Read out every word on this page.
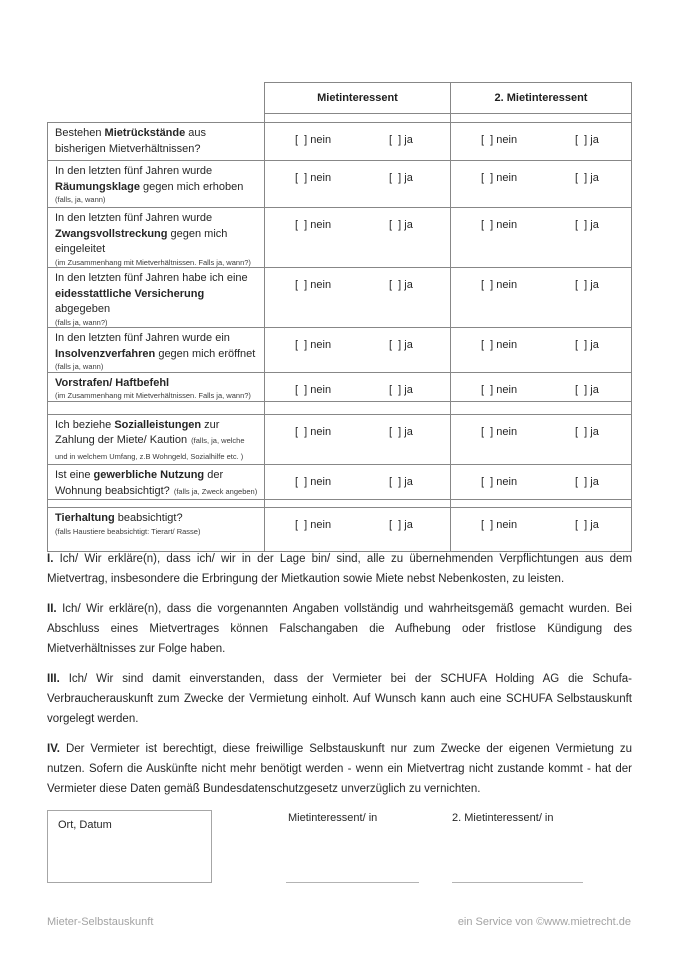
	Mietinteressent	2. Mietinteressent

Bestehen Mietrückstände aus bisherigen Mietverhältnissen?	[  ] nein [  ] ja	[  ] nein [  ] ja

In den letzten fünf Jahren wurde Räumungsklage gegen mich erhoben
(falls, ja, wann)	[  ] nein [  ] ja	[  ] nein [  ] ja

In den letzten fünf Jahren wurde Zwangsvollstreckung gegen mich eingeleitet
(im Zusammenhang mit Mietverhältnissen. Falls ja, wann?)	[  ] nein [  ] ja	[  ] nein [  ] ja

In den letzten fünf Jahren habe ich eine eidesstattliche Versicherung abgegeben
(falls ja, wann?)	[  ] nein [  ] ja	[  ] nein [  ] ja

In den letzten fünf Jahren wurde ein Insolvenzverfahren gegen mich eröffnet
(falls ja, wann)	[  ] nein [  ] ja	[  ] nein [  ] ja

Vorstrafen/ Haftbefehl
(im Zusammenhang mit Mietverhältnissen. Falls ja, wann?)	[  ] nein [  ] ja	[  ] nein [  ] ja

Ich beziehe Sozialleistungen zur Zahlung der Miete/ Kaution (falls, ja, welche und in welchem Umfang, z.B Wohngeld, Sozialhilfe etc. )	[  ] nein [  ] ja	[  ] nein [  ] ja

Ist eine gewerbliche Nutzung der Wohnung beabsichtigt? (falls ja, Zweck angeben)	[  ] nein [  ] ja	[  ] nein [  ] ja

Tierhaltung beabsichtigt?
(falls Haustiere beabsichtigt: Tierart/ Rasse)	[  ] nein [  ] ja	[  ] nein [  ] ja

I. Ich/ Wir erkläre(n), dass ich/ wir in der Lage bin/ sind, alle zu übernehmenden Verpflichtungen aus dem Mietvertrag, insbesondere die Erbringung der Mietkaution sowie Miete nebst Nebenkosten, zu leisten.

II. Ich/ Wir erkläre(n), dass die vorgenannten Angaben vollständig und wahrheitsgemäß gemacht wurden. Bei Abschluss eines Mietvertrages können Falschangaben die Aufhebung oder fristlose Kündigung des Mietverhältnisses zur Folge haben.

III. Ich/ Wir sind damit einverstanden, dass der Vermieter bei der SCHUFA Holding AG die Schufa-Verbraucherauskunft zum Zwecke der Vermietung einholt. Auf Wunsch kann auch eine SCHUFA Selbstauskunft vorgelegt werden.

IV. Der Vermieter ist berechtigt, diese freiwillige Selbstauskunft nur zum Zwecke der eigenen Vermietung zu nutzen. Sofern die Auskünfte nicht mehr benötigt werden - wenn ein Mietvertrag nicht zustande kommt - hat der Vermieter diese Daten gemäß Bundesdatenschutzgesetz unverzüglich zu vernichten.

Ort, Datum
Mietinteressent/ in	2. Mietinteressent/ in
Mieter-Selbstauskunft	ein Service von ©www.mietrecht.de
